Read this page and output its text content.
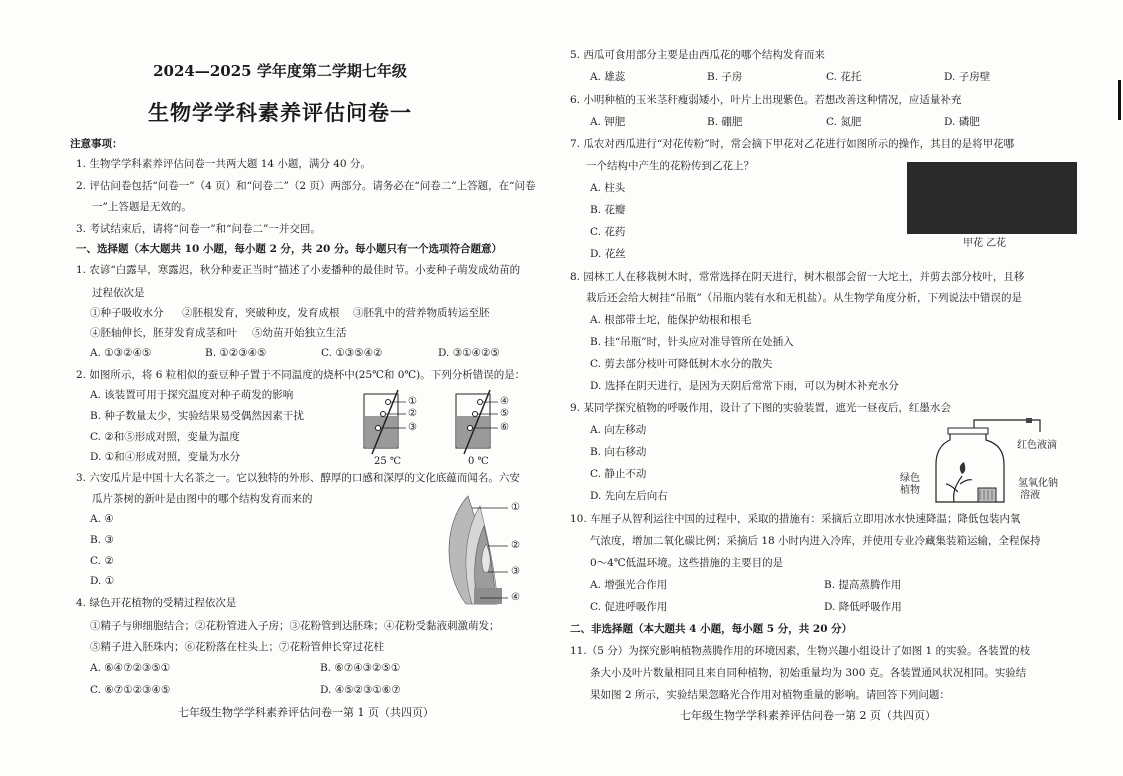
2024—2025 学年度第二学期七年级
生物学学科素养评估问卷一
注意事项：
1. 生物学学科素养评估问卷一共两大题 14 小题，满分 40 分。
2. 评估问卷包括“问卷一”（4 页）和“问卷二”（2 页）两部分。请务必在“问卷二”上答题，在“问卷
一”上答题是无效的。
3. 考试结束后，请将“问卷一”和“问卷二”一并交回。
一、选择题（本大题共 10 小题，每小题 2 分，共 20 分。每小题只有一个选项符合题意）
1. 农谚“白露早，寒露迟，秋分种麦正当时”描述了小麦播种的最佳时节。小麦种子萌发成幼苗的
过程依次是
①种子吸收水分 ②胚根发育，突破种皮，发育成根 ③胚乳中的营养物质转运至胚
④胚轴伸长，胚芽发育成茎和叶 ⑤幼苗开始独立生活
A. ①③②④⑤	B. ①②③④⑤	C. ①③⑤④②	D. ③①④②⑤
2. 如图所示，将 6 粒相似的蚕豆种子置于不同温度的烧杯中(25℃和 0℃)。下列分析错误的是：
A. 该装置可用于探究温度对种子萌发的影响
B. 种子数量太少，实验结果易受偶然因素干扰
C. ②和⑤形成对照，变量为温度
D. ①和④形成对照，变量为水分
①
②
③
④
⑤
⑥
25 ℃	0 ℃
3. 六安瓜片是中国十大名茶之一。它以独特的外形、醇厚的口感和深厚的文化底蕴而闻名。六安
瓜片茶树的新叶是由图中的哪个结构发育而来的
A. ④
B. ③
C. ②
D. ①
①
②
③
④
4. 绿色开花植物的受精过程依次是
①精子与卵细胞结合；②花粉管进入子房；③花粉管到达胚珠；④花粉受黏液刺激萌发；
⑤精子进入胚珠内；⑥花粉落在柱头上；⑦花粉管伸长穿过花柱
A. ⑥④⑦②③⑤①	B. ⑥⑦④③②⑤①
C. ⑥⑦①②③④⑤	D. ④⑤②③①⑥⑦
七年级生物学学科素养评估问卷一第 1 页（共四页）
5. 西瓜可食用部分主要是由西瓜花的哪个结构发育而来
A. 雄蕊	B. 子房	C. 花托	D. 子房壁
6. 小明种植的玉米茎秆瘦弱矮小，叶片上出现紫色。若想改善这种情况，应适量补充
A. 钾肥	B. 硼肥	C. 氮肥	D. 磷肥
7. 瓜农对西瓜进行“对花传粉”时，常会摘下甲花对乙花进行如图所示的操作，其目的是将甲花哪
一个结构中产生的花粉传到乙花上？
A. 柱头
B. 花瓣
C. 花药
D. 花丝
甲花 乙花
8. 园林工人在移栽树木时，常常选择在阴天进行，树木根部会留一大坨土，并剪去部分枝叶，且移
栽后还会给大树挂“吊瓶”（吊瓶内装有水和无机盐）。从生物学角度分析，下列说法中错误的是
A. 根部带土坨，能保护幼根和根毛
B. 挂“吊瓶”时，针头应对准导管所在处插入
C. 剪去部分枝叶可降低树木水分的散失
D. 选择在阴天进行，是因为天阴后常常下雨，可以为树木补充水分
9. 某同学探究植物的呼吸作用，设计了下图的实验装置，遮光一昼夜后，红墨水会
A. 向左移动
B. 向右移动
C. 静止不动
D. 先向左后向右
红色液滴
绿色
植物
氢氧化钠
溶液
10. 车厘子从智利运往中国的过程中，采取的措施有：采摘后立即用冰水快速降温；降低包装内氧
气浓度，增加二氧化碳比例；采摘后 18 小时内进入冷库，并使用专业冷藏集装箱运输，全程保持
0～4℃低温环境。这些措施的主要目的是
A. 增强光合作用	B. 提高蒸腾作用
C. 促进呼吸作用	D. 降低呼吸作用
二、非选择题（本大题共 4 小题，每小题 5 分，共 20 分）
11.（5 分）为探究影响植物蒸腾作用的环境因素，生物兴趣小组设计了如图 1 的实验。各装置的枝
条大小及叶片数量相同且来自同种植物，初始重量均为 300 克。各装置通风状况相同。实验结
果如图 2 所示，实验结果忽略光合作用对植物重量的影响。请回答下列问题：
七年级生物学学科素养评估问卷一第 2 页（共四页）
